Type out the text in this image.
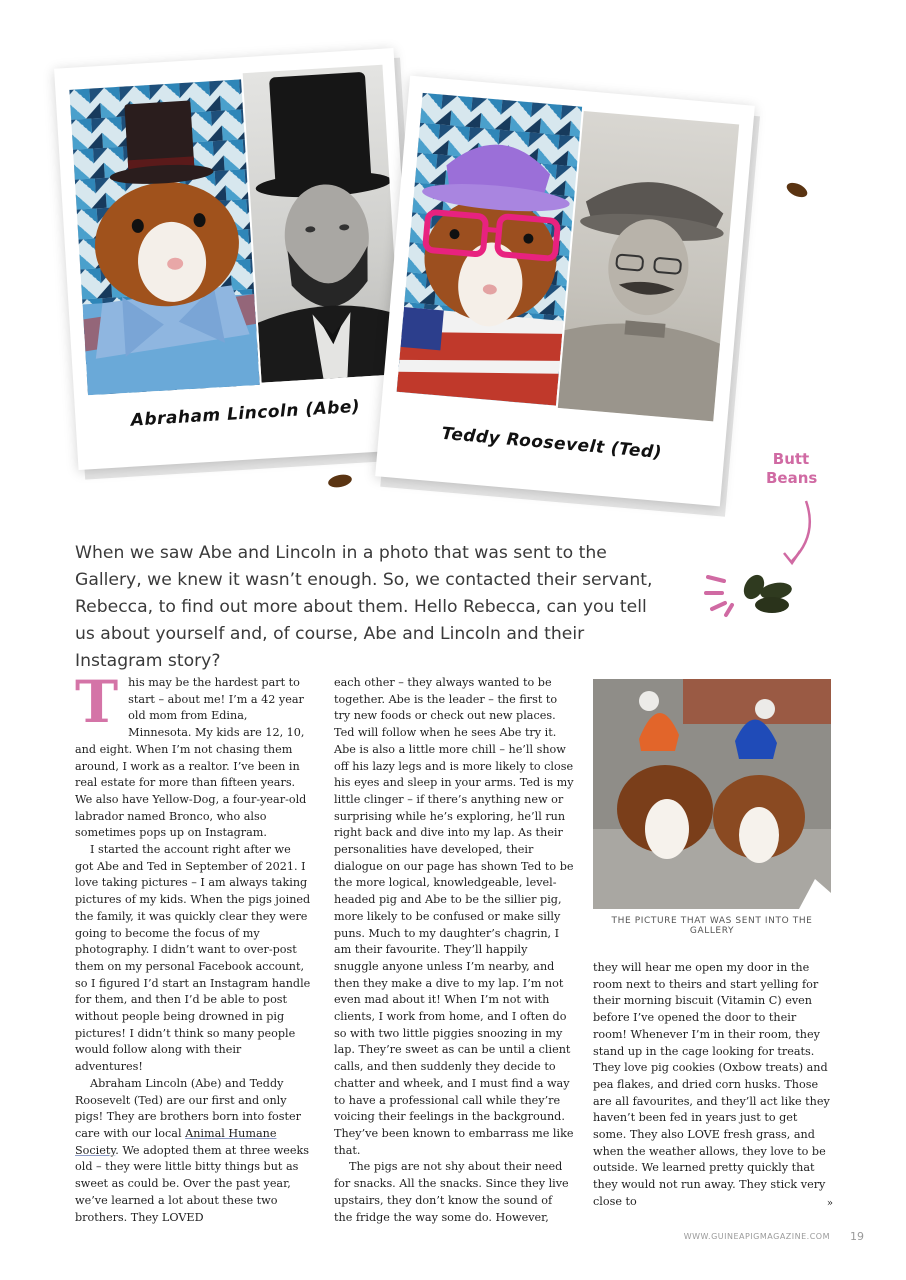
Abraham Lincoln (Abe)
Teddy Roosevelt (Ted)	Butt
Beans
When we saw Abe and Lincoln in a photo that was sent to the Gallery, we knew it wasn’t enough. So, we contacted their servant, Rebecca, to find out more about them. Hello Rebecca, can you tell us about yourself and, of course, Abe and Lincoln and their Instagram story?

This may be the hardest part to start – about me! I’m a 42 year old mom from Edina, Minnesota. My kids are 12, 10, and eight. When I’m not chasing them around, I work as a realtor. I’ve been in real estate for more than fifteen years. We also have Yellow-Dog, a four-year-old labrador named Bronco, who also sometimes pops up on Instagram.

I started the account right after we got Abe and Ted in September of 2021. I love taking pictures – I am always taking pictures of my kids. When the pigs joined the family, it was quickly clear they were going to become the focus of my photography. I didn’t want to over-post them on my personal Facebook account, so I figured I’d start an Instagram handle for them, and then I’d be able to post without people being drowned in pig pictures! I didn’t think so many people would follow along with their adventures!

Abraham Lincoln (Abe) and Teddy Roosevelt (Ted) are our first and only pigs! They are brothers born into foster care with our local Animal Humane Society. We adopted them at three weeks old – they were little bitty things but as sweet as could be. Over the past year, we’ve learned a lot about these two brothers. They LOVED

each other – they always wanted to be together. Abe is the leader – the first to try new foods or check out new places. Ted will follow when he sees Abe try it. Abe is also a little more chill – he’ll show off his lazy legs and is more likely to close his eyes and sleep in your arms. Ted is my little clinger – if there’s anything new or surprising while he’s exploring, he’ll run right back and dive into my lap. As their personalities have developed, their dialogue on our page has shown Ted to be the more logical, knowledgeable, level-headed pig and Abe to be the sillier pig, more likely to be confused or make silly puns. Much to my daughter’s chagrin, I am their favourite. They’ll happily snuggle anyone unless I’m nearby, and then they make a dive to my lap. I’m not even mad about it! When I’m not with clients, I work from home, and I often do so with two little piggies snoozing in my lap. They’re sweet as can be until a client calls, and then suddenly they decide to chatter and wheek, and I must find a way to have a professional call while they’re voicing their feelings in the background. They’ve been known to embarrass me like that.

The pigs are not shy about their need for snacks. All the snacks. Since they live upstairs, they don’t know the sound of the fridge the way some do. However,

THE PICTURE THAT WAS SENT INTO THE GALLERY

they will hear me open my door in the room next to theirs and start yelling for their morning biscuit (Vitamin C) even before I’ve opened the door to their room! Whenever I’m in their room, they stand up in the cage looking for treats. They love pig cookies (Oxbow treats) and pea flakes, and dried corn husks. Those are all favourites, and they’ll act like they haven’t been fed in years just to get some. They also LOVE fresh grass, and when the weather allows, they love to be outside. We learned pretty quickly that they would not run away. They stick very close to	»

WWW.GUINEAPIGMAGAZINE.COM 19
